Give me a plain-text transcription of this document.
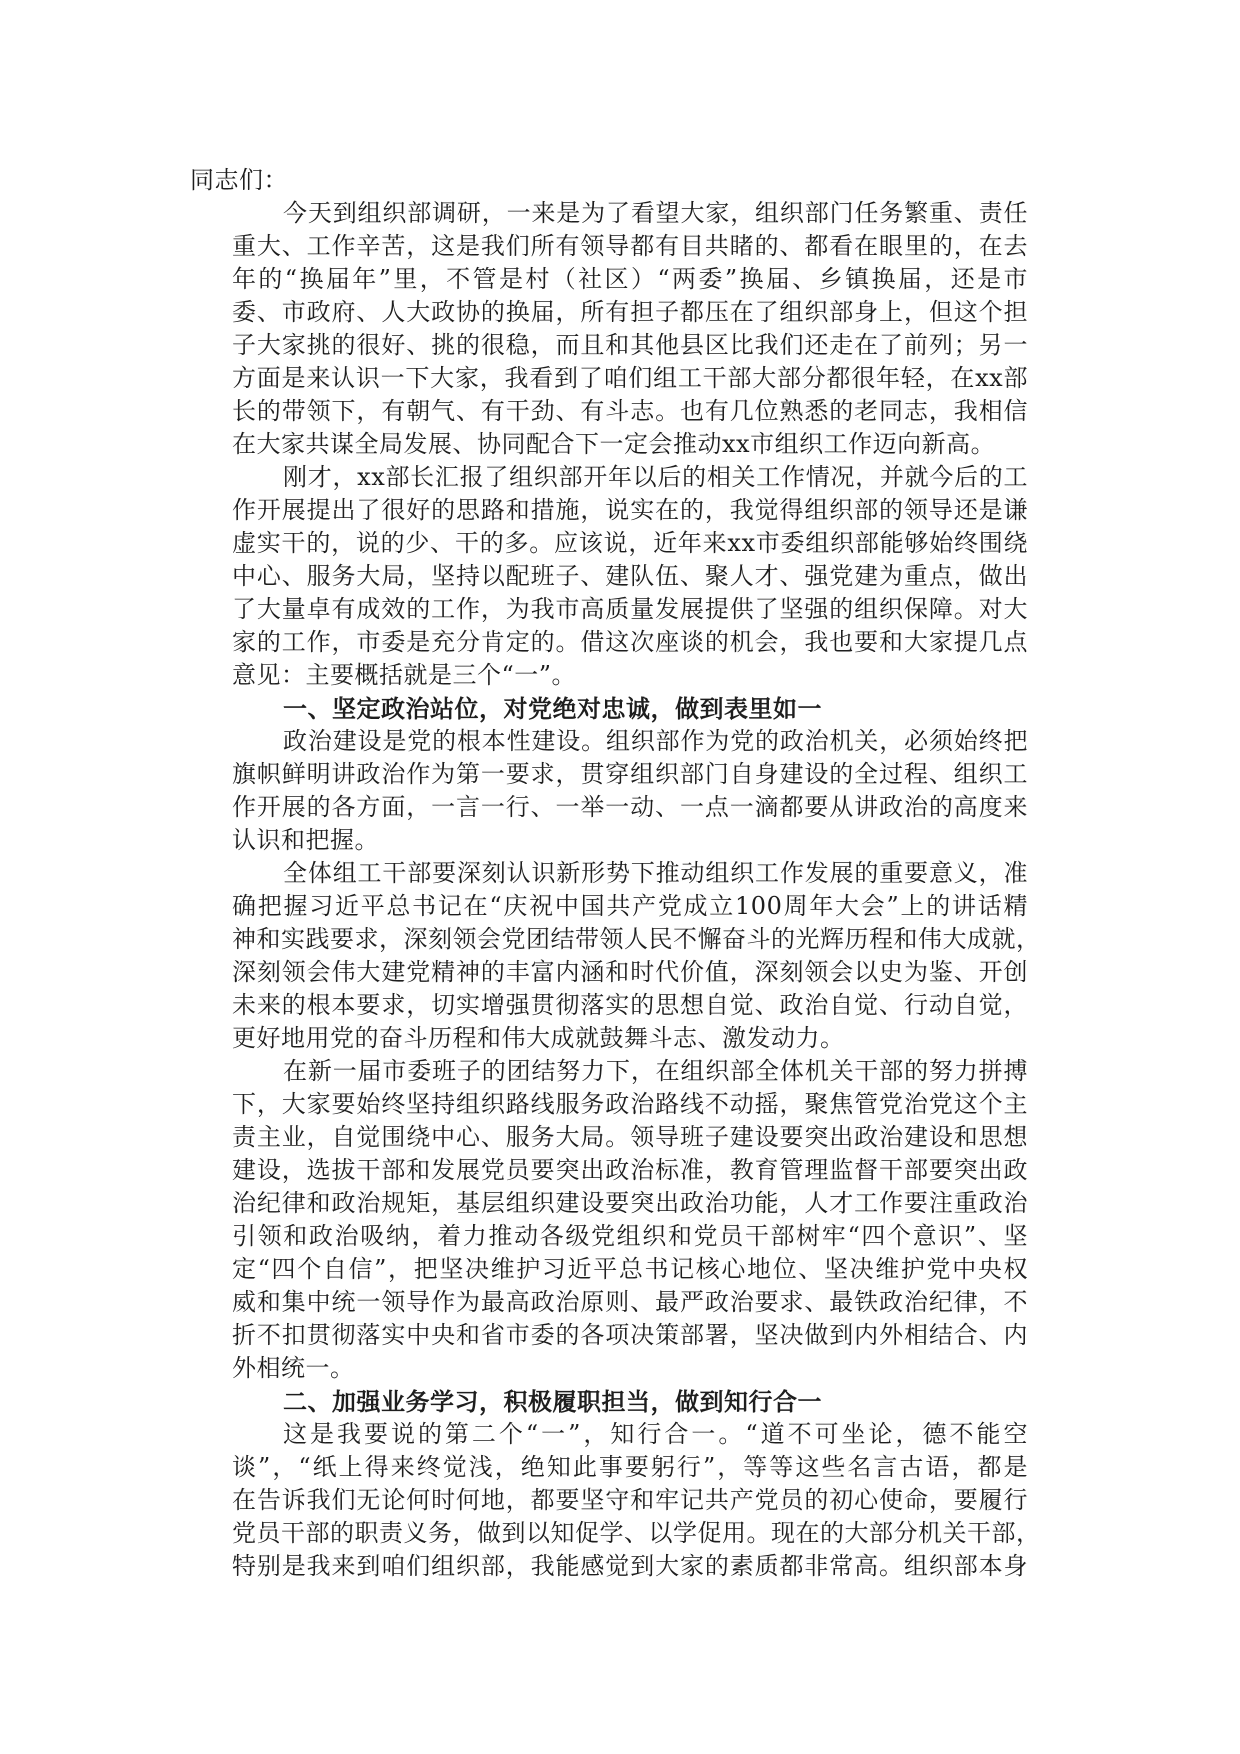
同志们：
今天到组织部调研，一来是为了看望大家，组织部门任务繁重、责任
重大、工作辛苦，这是我们所有领导都有目共睹的、都看在眼里的，在去
年的“换届年”里，不管是村（社区）“两委”换届、乡镇换届，还是市
委、市政府、人大政协的换届，所有担子都压在了组织部身上，但这个担
子大家挑的很好、挑的很稳，而且和其他县区比我们还走在了前列；另一
方面是来认识一下大家，我看到了咱们组工干部大部分都很年轻，在xx部
长的带领下，有朝气、有干劲、有斗志。也有几位熟悉的老同志，我相信
在大家共谋全局发展、协同配合下一定会推动xx市组织工作迈向新高。
刚才，xx部长汇报了组织部开年以后的相关工作情况，并就今后的工
作开展提出了很好的思路和措施，说实在的，我觉得组织部的领导还是谦
虚实干的，说的少、干的多。应该说，近年来xx市委组织部能够始终围绕
中心、服务大局，坚持以配班子、建队伍、聚人才、强党建为重点，做出
了大量卓有成效的工作，为我市高质量发展提供了坚强的组织保障。对大
家的工作，市委是充分肯定的。借这次座谈的机会，我也要和大家提几点
意见：主要概括就是三个“一”。
一、坚定政治站位，对党绝对忠诚，做到表里如一
政治建设是党的根本性建设。组织部作为党的政治机关，必须始终把
旗帜鲜明讲政治作为第一要求，贯穿组织部门自身建设的全过程、组织工
作开展的各方面，一言一行、一举一动、一点一滴都要从讲政治的高度来
认识和把握。
全体组工干部要深刻认识新形势下推动组织工作发展的重要意义，准
确把握习近平总书记在“庆祝中国共产党成立100周年大会”上的讲话精
神和实践要求，深刻领会党团结带领人民不懈奋斗的光辉历程和伟大成就，
深刻领会伟大建党精神的丰富内涵和时代价值，深刻领会以史为鉴、开创
未来的根本要求，切实增强贯彻落实的思想自觉、政治自觉、行动自觉，
更好地用党的奋斗历程和伟大成就鼓舞斗志、激发动力。
在新一届市委班子的团结努力下，在组织部全体机关干部的努力拼搏
下，大家要始终坚持组织路线服务政治路线不动摇，聚焦管党治党这个主
责主业，自觉围绕中心、服务大局。领导班子建设要突出政治建设和思想
建设，选拔干部和发展党员要突出政治标准，教育管理监督干部要突出政
治纪律和政治规矩，基层组织建设要突出政治功能，人才工作要注重政治
引领和政治吸纳，着力推动各级党组织和党员干部树牢“四个意识”、坚
定“四个自信”，把坚决维护习近平总书记核心地位、坚决维护党中央权
威和集中统一领导作为最高政治原则、最严政治要求、最铁政治纪律，不
折不扣贯彻落实中央和省市委的各项决策部署，坚决做到内外相结合、内
外相统一。
二、加强业务学习，积极履职担当，做到知行合一
这是我要说的第二个“一”，知行合一。“道不可坐论，德不能空
谈”，“纸上得来终觉浅，绝知此事要躬行”，等等这些名言古语，都是
在告诉我们无论何时何地，都要坚守和牢记共产党员的初心使命，要履行
党员干部的职责义务，做到以知促学、以学促用。现在的大部分机关干部，
特别是我来到咱们组织部，我能感觉到大家的素质都非常高。组织部本身
